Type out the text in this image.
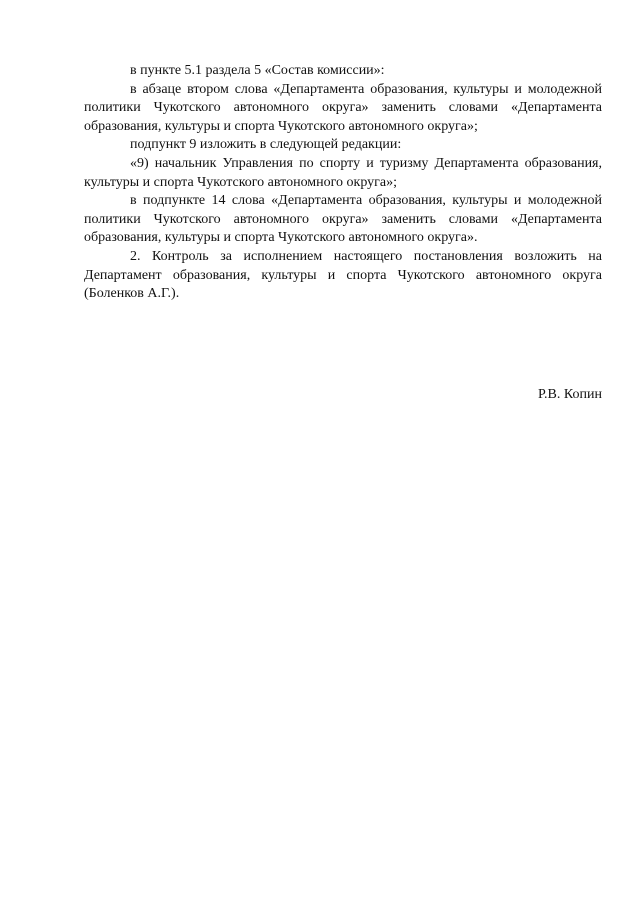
в пункте 5.1 раздела 5 «Состав комиссии»:

в абзаце втором слова «Департамента образования, культуры и молодежной политики Чукотского автономного округа» заменить словами «Департамента образования, культуры и спорта Чукотского автономного округа»;

подпункт 9 изложить в следующей редакции:

«9) начальник Управления по спорту и туризму Департамента образования, культуры и спорта Чукотского автономного округа»;

в подпункте 14 слова «Департамента образования, культуры и молодежной политики Чукотского автономного округа» заменить словами «Департамента образования, культуры и спорта Чукотского автономного округа».

2. Контроль за исполнением настоящего постановления возложить на Департамент образования, культуры и спорта Чукотского автономного округа (Боленков А.Г.).

Р.В. Копин
